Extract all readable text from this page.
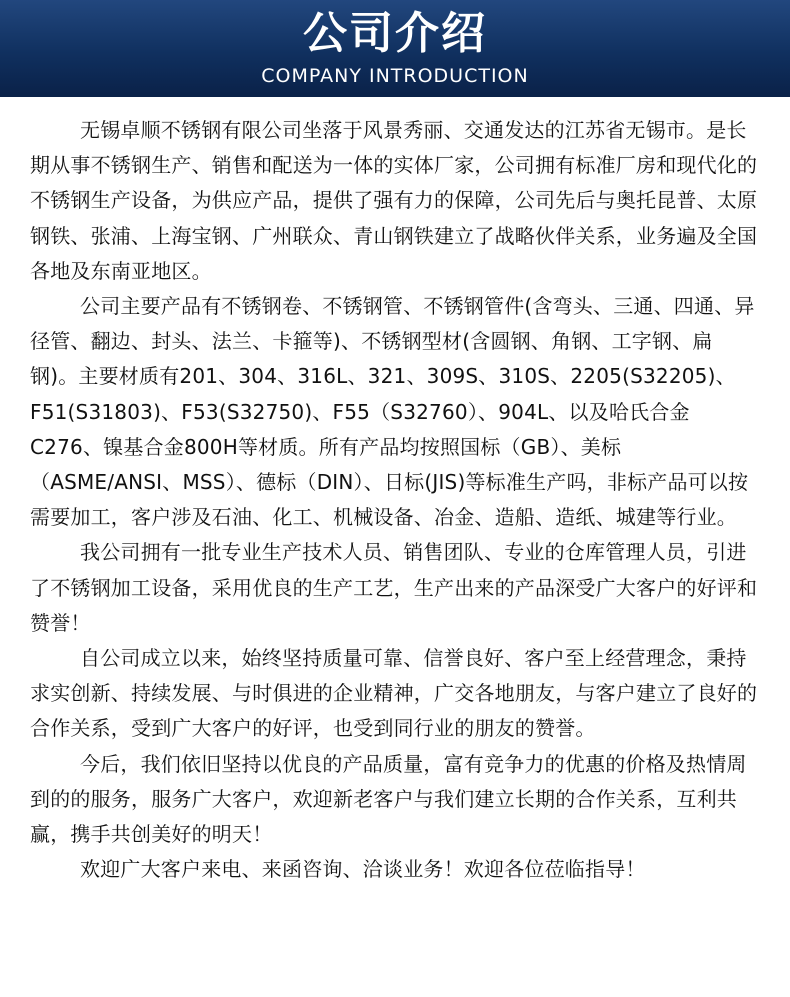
公司介绍
COMPANY INTRODUCTION

无锡卓顺不锈钢有限公司坐落于风景秀丽、交通发达的江苏省无锡市。是长期从事不锈钢生产、销售和配送为一体的实体厂家，公司拥有标准厂房和现代化的不锈钢生产设备，为供应产品，提供了强有力的保障，公司先后与奥托昆普、太原钢铁、张浦、上海宝钢、广州联众、青山钢铁建立了战略伙伴关系，业务遍及全国各地及东南亚地区。

公司主要产品有不锈钢卷、不锈钢管、不锈钢管件(含弯头、三通、四通、异径管、翻边、封头、法兰、卡箍等)、不锈钢型材(含圆钢、角钢、工字钢、扁钢)。主要材质有201、304、316L、321、309S、310S、2205(S32205)、F51(S31803)、F53(S32750)、F55（S32760）、904L、以及哈氏合金C276、镍基合金800H等材质。所有产品均按照国标（GB）、美标（ASME/ANSI、MSS）、德标（DIN）、日标(JIS)等标准生产吗，非标产品可以按需要加工，客户涉及石油、化工、机械设备、冶金、造船、造纸、城建等行业。

我公司拥有一批专业生产技术人员、销售团队、专业的仓库管理人员，引进了不锈钢加工设备，采用优良的生产工艺，生产出来的产品深受广大客户的好评和赞誉！

自公司成立以来，始终坚持质量可靠、信誉良好、客户至上经营理念，秉持求实创新、持续发展、与时俱进的企业精神，广交各地朋友，与客户建立了良好的合作关系，受到广大客户的好评，也受到同行业的朋友的赞誉。

今后，我们依旧坚持以优良的产品质量，富有竞争力的优惠的价格及热情周到的的服务，服务广大客户，欢迎新老客户与我们建立长期的合作关系，互利共赢，携手共创美好的明天！

欢迎广大客户来电、来函咨询、洽谈业务！欢迎各位莅临指导！
